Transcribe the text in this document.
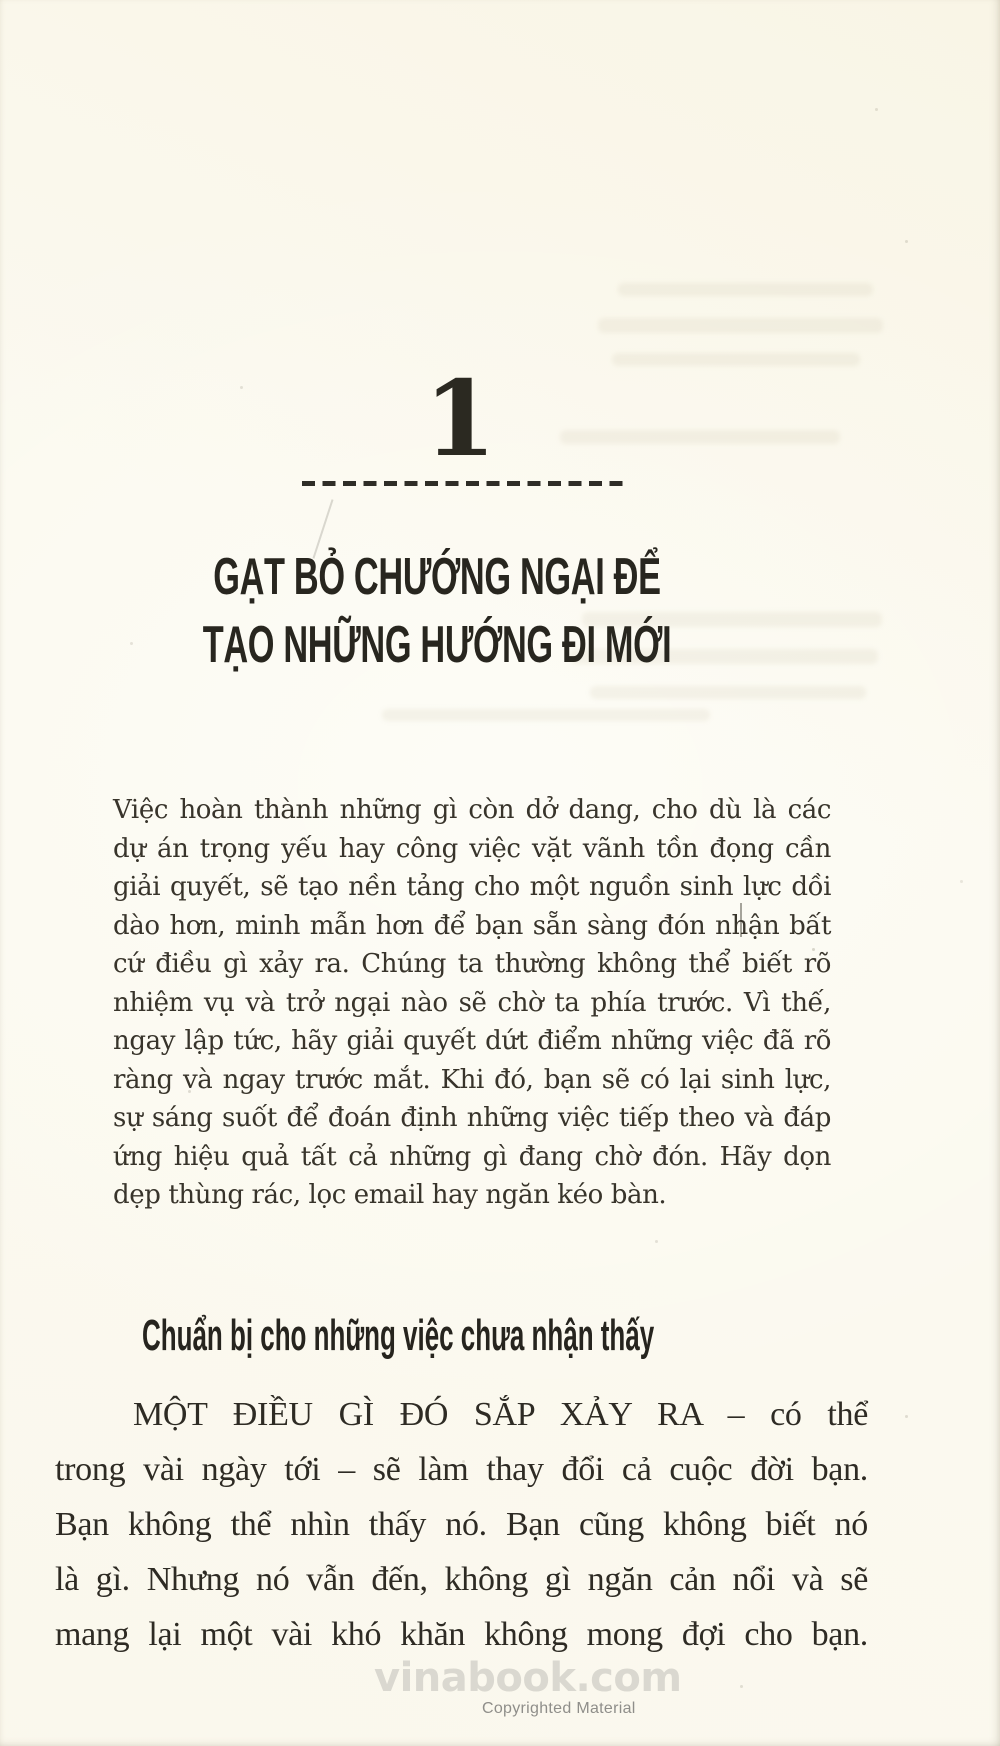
1
GẠT BỎ CHƯỚNG NGẠI ĐỂ
TẠO NHỮNG HƯỚNG ĐI MỚI
Việc hoàn thành những gì còn dở dang, cho dù là các
dự án trọng yếu hay công việc vặt vãnh tồn đọng cần
giải quyết, sẽ tạo nền tảng cho một nguồn sinh lực dồi
dào hơn, minh mẫn hơn để bạn sẵn sàng đón nhận bất
cứ điều gì xảy ra. Chúng ta thường không thể biết rõ
nhiệm vụ và trở ngại nào sẽ chờ ta phía trước. Vì thế,
ngay lập tức, hãy giải quyết dứt điểm những việc đã rõ
ràng và ngay trước mắt. Khi đó, bạn sẽ có lại sinh lực,
sự sáng suốt để đoán định những việc tiếp theo và đáp
ứng hiệu quả tất cả những gì đang chờ đón. Hãy dọn
dẹp thùng rác, lọc email hay ngăn kéo bàn.
Chuẩn bị cho những việc chưa nhận thấy
MỘT ĐIỀU GÌ ĐÓ SẮP XẢY RA – có thể
trong vài ngày tới – sẽ làm thay đổi cả cuộc đời bạn.
Bạn không thể nhìn thấy nó. Bạn cũng không biết nó
là gì. Nhưng nó vẫn đến, không gì ngăn cản nổi và sẽ
mang lại một vài khó khăn không mong đợi cho bạn.
vinabook.com
Copyrighted Material
